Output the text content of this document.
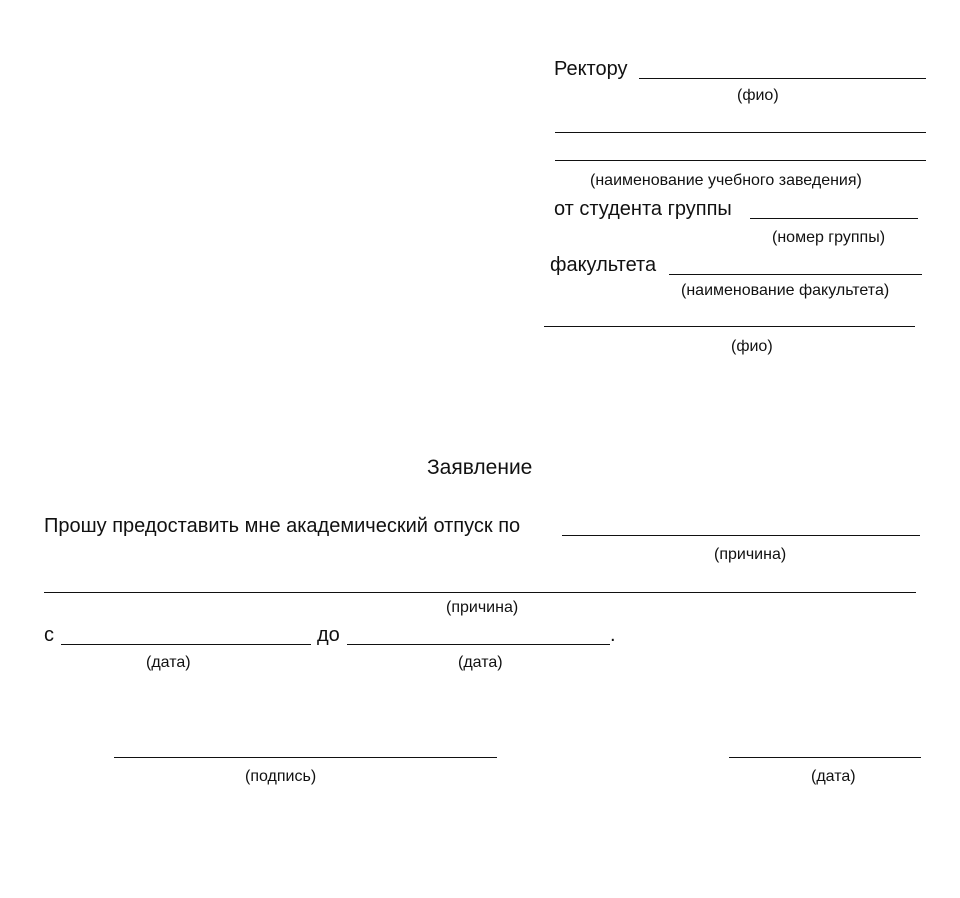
Ректору
(фио)
(наименование учебного заведения)
от студента группы
(номер группы)
факультета
(наименование факультета)
(фио)
Заявление
Прошу предоставить мне академический отпуск по
(причина)
(причина)
с	до	.
(дата)	(дата)
(подпись)	(дата)
